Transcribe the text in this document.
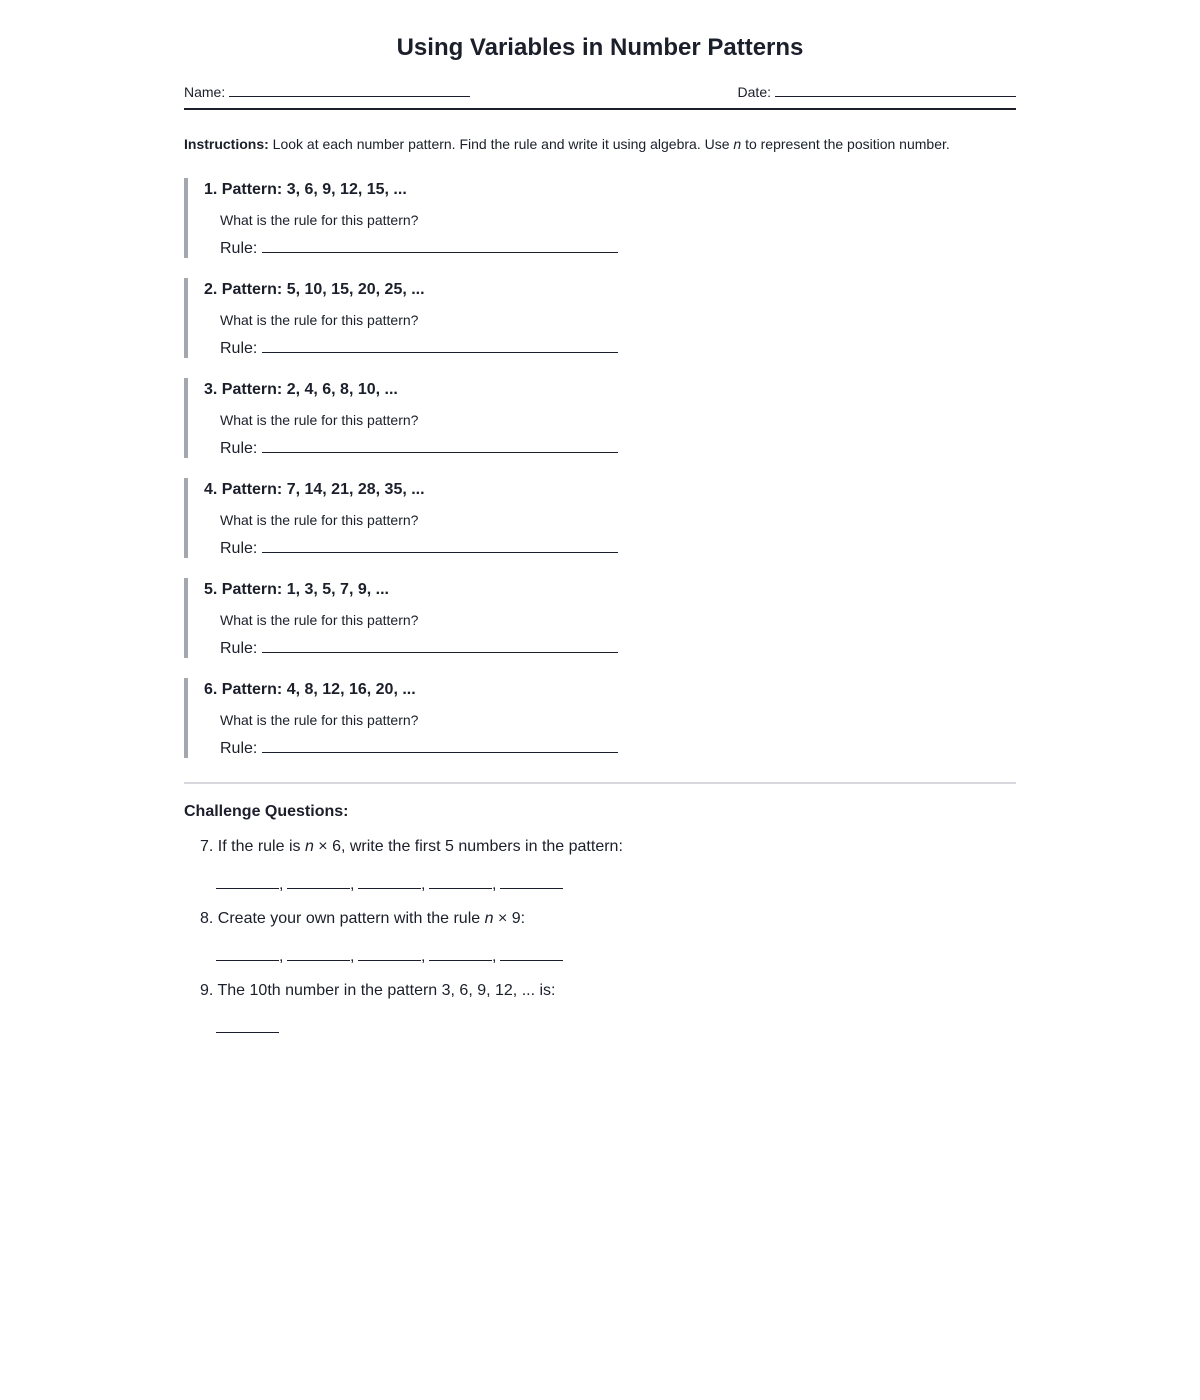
Using Variables in Number Patterns
Name:	Date:
Instructions: Look at each number pattern. Find the rule and write it using algebra. Use n to represent the position number.
1. Pattern: 3, 6, 9, 12, 15, ...
What is the rule for this pattern?
Rule:
2. Pattern: 5, 10, 15, 20, 25, ...
What is the rule for this pattern?
Rule:
3. Pattern: 2, 4, 6, 8, 10, ...
What is the rule for this pattern?
Rule:
4. Pattern: 7, 14, 21, 28, 35, ...
What is the rule for this pattern?
Rule:
5. Pattern: 1, 3, 5, 7, 9, ...
What is the rule for this pattern?
Rule:
6. Pattern: 4, 8, 12, 16, 20, ...
What is the rule for this pattern?
Rule:
Challenge Questions:
7. If the rule is n × 6, write the first 5 numbers in the pattern:
,	,	,	,
8. Create your own pattern with the rule n × 9:
,	,	,	,
9. The 10th number in the pattern 3, 6, 9, 12, ... is:
